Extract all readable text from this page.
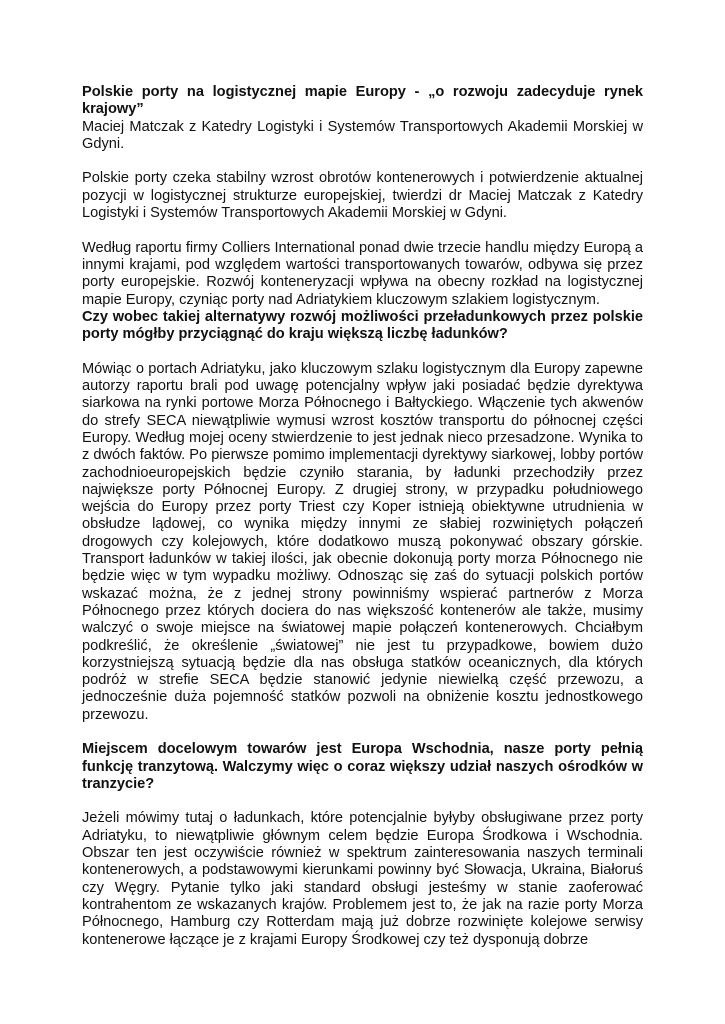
Polskie porty na logistycznej mapie Europy - „o rozwoju zadecyduje rynek krajowy”

Maciej Matczak z Katedry Logistyki i Systemów Transportowych Akademii Morskiej w Gdyni.

Polskie porty czeka stabilny wzrost obrotów kontenerowych i potwierdzenie aktualnej pozycji w logistycznej strukturze europejskiej, twierdzi dr Maciej Matczak z Katedry Logistyki i Systemów Transportowych Akademii Morskiej w Gdyni.

Według raportu firmy Colliers International ponad dwie trzecie handlu między Europą a innymi krajami, pod względem wartości transportowanych towarów, odbywa się przez porty europejskie. Rozwój konteneryzacji wpływa na obecny rozkład na logistycznej mapie Europy, czyniąc porty nad Adriatykiem kluczowym szlakiem logistycznym.

Czy wobec takiej alternatywy rozwój możliwości przeładunkowych przez polskie porty mógłby przyciągnąć do kraju większą liczbę ładunków?

Mówiąc o portach Adriatyku, jako kluczowym szlaku logistycznym dla Europy zapewne autorzy raportu brali pod uwagę potencjalny wpływ jaki posiadać będzie dyrektywa siarkowa na rynki portowe Morza Północnego i Bałtyckiego. Włączenie tych akwenów do strefy SECA niewątpliwie wymusi wzrost kosztów transportu do północnej części Europy. Według mojej oceny stwierdzenie to jest jednak nieco przesadzone. Wynika to z dwóch faktów. Po pierwsze pomimo implementacji dyrektywy siarkowej, lobby portów zachodnioeuropejskich będzie czyniło starania, by ładunki przechodziły przez największe porty Północnej Europy. Z drugiej strony, w przypadku południowego wejścia do Europy przez porty Triest czy Koper istnieją obiektywne utrudnienia w obsłudze lądowej, co wynika między innymi ze słabiej rozwiniętych połączeń drogowych czy kolejowych, które dodatkowo muszą pokonywać obszary górskie. Transport ładunków w takiej ilości, jak obecnie dokonują porty morza Północnego nie będzie więc w tym wypadku możliwy. Odnosząc się zaś do sytuacji polskich portów wskazać można, że z jednej strony powinniśmy wspierać partnerów z Morza Północnego przez których dociera do nas większość kontenerów ale także, musimy walczyć o swoje miejsce na światowej mapie połączeń kontenerowych. Chciałbym podkreślić, że określenie „światowej” nie jest tu przypadkowe, bowiem dużo korzystniejszą sytuacją będzie dla nas obsługa statków oceanicznych, dla których podróż w strefie SECA będzie stanowić jedynie niewielką część przewozu, a jednocześnie duża pojemność statków pozwoli na obniżenie kosztu jednostkowego przewozu.

Miejscem docelowym towarów jest Europa Wschodnia, nasze porty pełnią funkcję tranzytową. Walczymy więc o coraz większy udział naszych ośrodków w tranzycie?

Jeżeli mówimy tutaj o ładunkach, które potencjalnie byłyby obsługiwane przez porty Adriatyku, to niewątpliwie głównym celem będzie Europa Środkowa i Wschodnia. Obszar ten jest oczywiście również w spektrum zainteresowania naszych terminali kontenerowych, a podstawowymi kierunkami powinny być Słowacja, Ukraina, Białoruś czy Węgry. Pytanie tylko jaki standard obsługi jesteśmy w stanie zaoferować kontrahentom ze wskazanych krajów. Problemem jest to, że jak na razie porty Morza Północnego, Hamburg czy Rotterdam mają już dobrze rozwinięte kolejowe serwisy kontenerowe łączące je z krajami Europy Środkowej czy też dysponują dobrze
